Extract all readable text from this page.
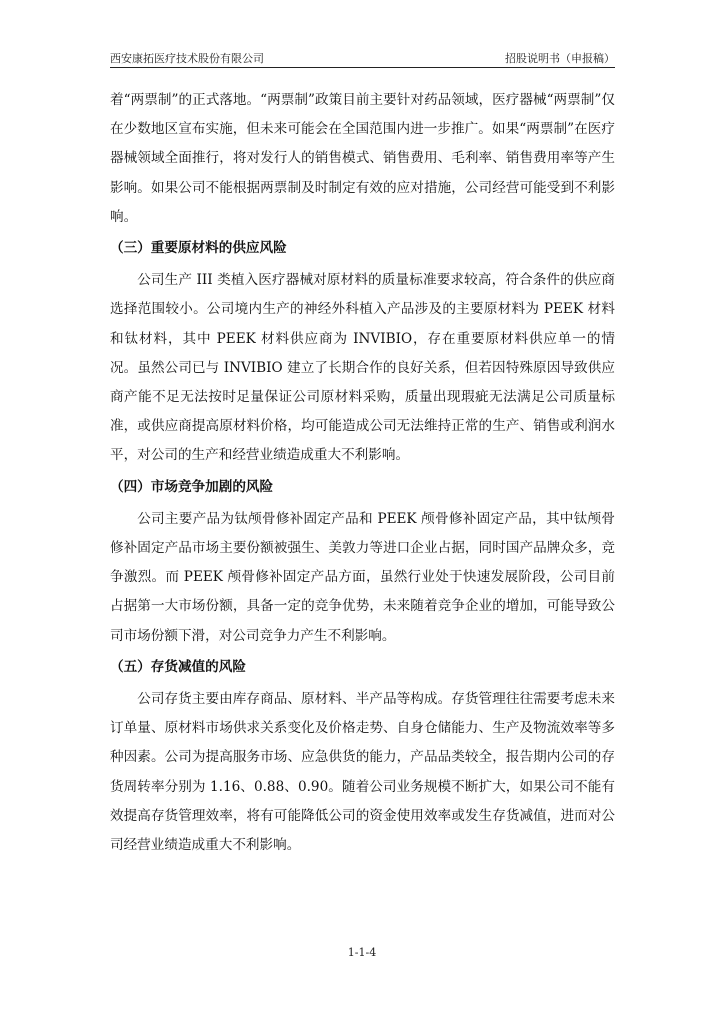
西安康拓医疗技术股份有限公司	招股说明书（申报稿）

着“两票制”的正式落地。“两票制”政策目前主要针对药品领域，医疗器械“两票制”仅在少数地区宣布实施，但未来可能会在全国范围内进一步推广。如果“两票制”在医疗器械领域全面推行，将对发行人的销售模式、销售费用、毛利率、销售费用率等产生影响。如果公司不能根据两票制及时制定有效的应对措施，公司经营可能受到不利影响。

（三）重要原材料的供应风险

公司生产 III 类植入医疗器械对原材料的质量标准要求较高，符合条件的供应商选择范围较小。公司境内生产的神经外科植入产品涉及的主要原材料为 PEEK 材料和钛材料，其中 PEEK 材料供应商为 INVIBIO，存在重要原材料供应单一的情况。虽然公司已与 INVIBIO 建立了长期合作的良好关系，但若因特殊原因导致供应商产能不足无法按时足量保证公司原材料采购，质量出现瑕疵无法满足公司质量标准，或供应商提高原材料价格，均可能造成公司无法维持正常的生产、销售或利润水平，对公司的生产和经营业绩造成重大不利影响。

（四）市场竞争加剧的风险

公司主要产品为钛颅骨修补固定产品和 PEEK 颅骨修补固定产品，其中钛颅骨修补固定产品市场主要份额被强生、美敦力等进口企业占据，同时国产品牌众多，竞争激烈。而 PEEK 颅骨修补固定产品方面，虽然行业处于快速发展阶段，公司目前占据第一大市场份额，具备一定的竞争优势，未来随着竞争企业的增加，可能导致公司市场份额下滑，对公司竞争力产生不利影响。

（五）存货减值的风险

公司存货主要由库存商品、原材料、半产品等构成。存货管理往往需要考虑未来订单量、原材料市场供求关系变化及价格走势、自身仓储能力、生产及物流效率等多种因素。公司为提高服务市场、应急供货的能力，产品品类较全，报告期内公司的存货周转率分别为 1.16、0.88、0.90。随着公司业务规模不断扩大，如果公司不能有效提高存货管理效率，将有可能降低公司的资金使用效率或发生存货减值，进而对公司经营业绩造成重大不利影响。

1-1-4
